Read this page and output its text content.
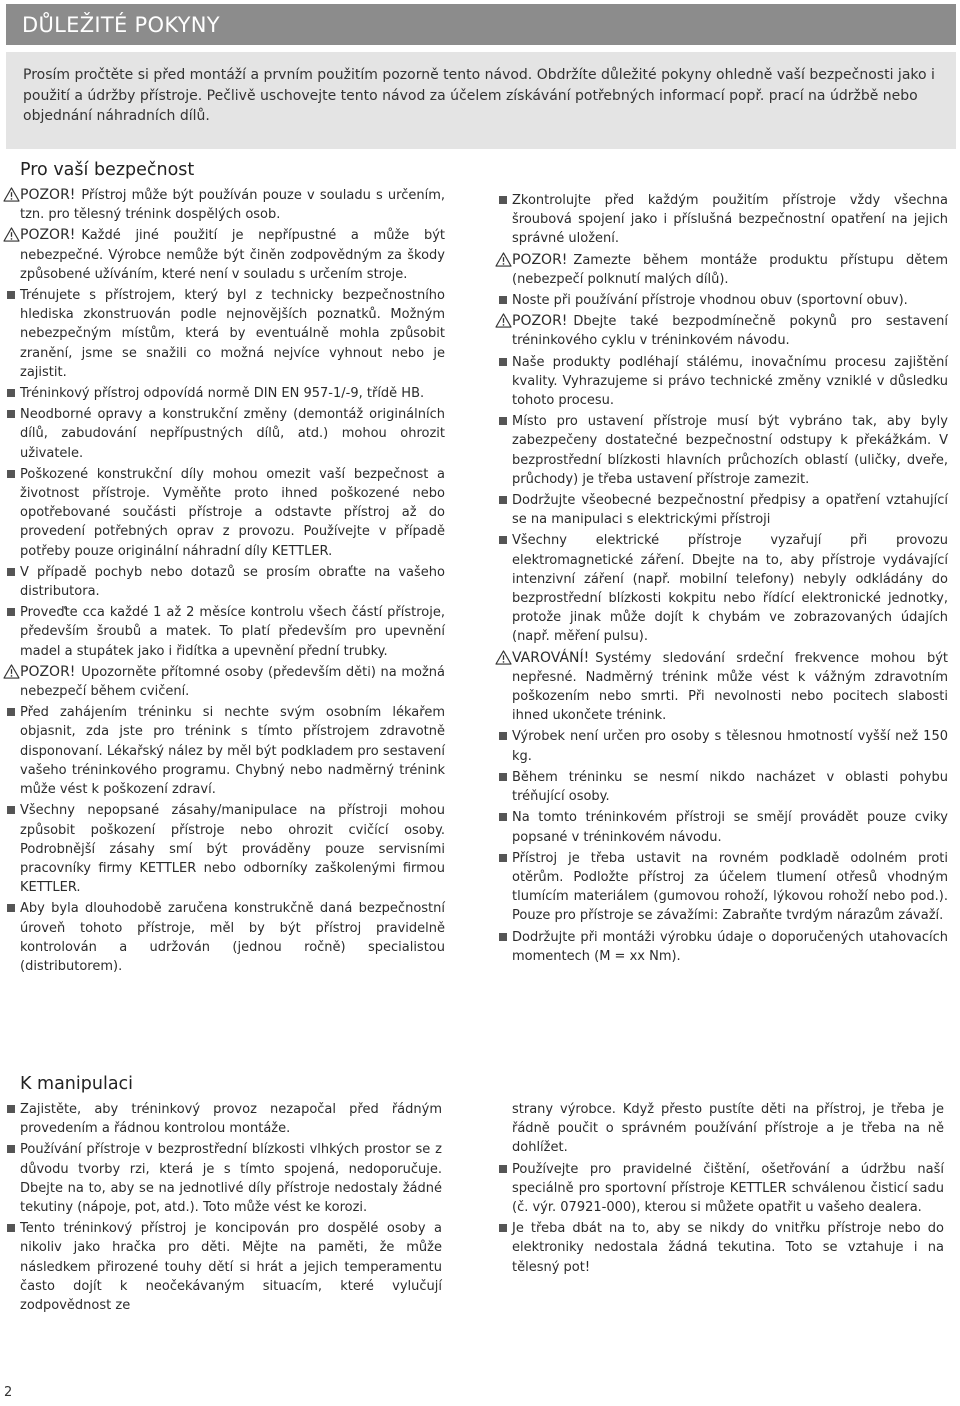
DŮLEŽITÉ POKYNY

Prosím pročtěte si před montáží a prvním použitím pozorně tento návod. Obdržíte důležité pokyny ohledně vaší bezpečnosti jako i použití a údržby přístroje. Pečlivě uschovejte tento návod za účelem získávání potřebných informací popř. prací na údržbě nebo objednání náhradních dílů.

Pro vaší bezpečnost
POZOR! Přístroj může být používán pouze v souladu s určením, tzn. pro tělesný trénink dospělých osob.
POZOR! Každé jiné použití je nepřípustné a může být nebezpečné. Výrobce nemůže být činěn zodpovědným za škody způsobené užíváním, které není v souladu s určením stroje.
Trénujete s přístrojem, který byl z technicky bezpečnostního hlediska zkonstruován podle nejnovějších poznatků. Možným nebezpečným místům, která by eventuálně mohla způsobit zranění, jsme se snažili co možná nejvíce vyhnout nebo je zajistit.
Tréninkový přístroj odpovídá normě DIN EN 957-1/-9, třídě HB.
Neodborné opravy a konstrukční změny (demontáž originálních dílů, zabudování nepřípustných dílů, atd.) mohou ohrozit uživatele.
Poškozené konstrukční díly mohou omezit vaší bezpečnost a životnost přístroje. Vyměňte proto ihned poškozené nebo opotřebované součásti přístroje a odstavte přístroj až do provedení potřebných oprav z provozu. Používejte v případě potřeby pouze originální náhradní díly KETTLER.
V případě pochyb nebo dotazů se prosím obraťte na vašeho distributora.
Proveďte cca každé 1 až 2 měsíce kontrolu všech částí přístroje, především šroubů a matek. To platí především pro upevnění madel a stupátek jako i řidítka a upevnění přední trubky.
POZOR! Upozorněte přítomné osoby (především děti) na možná nebezpečí během cvičení.
Před zahájením tréninku si nechte svým osobním lékařem objasnit, zda jste pro trénink s tímto přístrojem zdravotně disponovaní. Lékařský nález by měl být podkladem pro sestavení vašeho tréninkového programu. Chybný nebo nadměrný trénink může vést k poškození zdraví.
Všechny nepopsané zásahy/manipulace na přístroji mohou způsobit poškození přístroje nebo ohrozit cvičící osoby. Podrobnější zásahy smí být prováděny pouze servisními pracovníky firmy KETTLER nebo odborníky zaškolenými firmou KETTLER.
Aby byla dlouhodobě zaručena konstrukčně daná bezpečnostní úroveň tohoto přístroje, měl by být přístroj pravidelně kontrolován a udržován (jednou ročně) specialistou (distributorem).
Zkontrolujte před každým použitím přístroje vždy všechna šroubová spojení jako i příslušná bezpečnostní opatření na jejich správné uložení.
POZOR! Zamezte během montáže produktu přístupu dětem (nebezpečí polknutí malých dílů).
Noste při používání přístroje vhodnou obuv (sportovní obuv).
POZOR! Dbejte také bezpodmínečně pokynů pro sestavení tréninkového cyklu v tréninkovém návodu.
Naše produkty podléhají stálému, inovačnímu procesu zajištění kvality. Vyhrazujeme si právo technické změny vzniklé v důsledku tohoto procesu.
Místo pro ustavení přístroje musí být vybráno tak, aby byly zabezpečeny dostatečné bezpečnostní odstupy k překážkám. V bezprostřední blízkosti hlavních průchozích oblastí (uličky, dveře, průchody) je třeba ustavení přístroje zamezit.
Dodržujte všeobecné bezpečnostní předpisy a opatření vztahující se na manipulaci s elektrickými přístroji
Všechny elektrické přístroje vyzařují při provozu elektromagnetické záření. Dbejte na to, aby přístroje vydávající intenzivní záření (např. mobilní telefony) nebyly odkládány do bezprostřední blízkosti kokpitu nebo řídící elektronické jednotky, protože jinak může dojít k chybám ve zobrazovaných údajích (např. měření pulsu).
VAROVÁNÍ! Systémy sledování srdeční frekvence mohou být nepřesné. Nadměrný trénink může vést k vážným zdravotním poškozením nebo smrti. Při nevolnosti nebo pocitech slabosti ihned ukončete trénink.
Výrobek není určen pro osoby s tělesnou hmotností vyšší než 150 kg.
Během tréninku se nesmí nikdo nacházet v oblasti pohybu tréňující osoby.
Na tomto tréninkovém přístroji se smějí provádět pouze cviky popsané v tréninkovém návodu.
Přístroj je třeba ustavit na rovném podkladě odolném proti otěrům. Podložte přístroj za účelem tlumení otřesů vhodným tlumícím materiálem (gumovou rohoží, lýkovou rohoží nebo pod.). Pouze pro přístroje se závažími: Zabraňte tvrdým nárazům závaží.
Dodržujte při montáži výrobku údaje o doporučených utahovacích momentech (M = xx Nm).
K manipulaci
Zajistěte, aby tréninkový provoz nezapočal před řádným provedením a řádnou kontrolou montáže.
Používání přístroje v bezprostřední blízkosti vlhkých prostor se z důvodu tvorby rzi, která je s tímto spojená, nedoporučuje. Dbejte na to, aby se na jednotlivé díly přístroje nedostaly žádné tekutiny (nápoje, pot, atd.). Toto může vést ke korozi.
Tento tréninkový přístroj je koncipován pro dospělé osoby a nikoliv jako hračka pro děti. Mějte na paměti, že může následkem přirozené touhy dětí si hrát a jejich temperamentu často dojít k neočekávaným situacím, které vylučují zodpovědnost ze
strany výrobce. Když přesto pustíte děti na přístroj, je třeba je řádně poučit o správném používání přístroje a je třeba na ně dohlížet.
Používejte pro pravidelné čištění, ošetřování a údržbu naší speciálně pro sportovní přístroje KETTLER schválenou čisticí sadu (č. výr. 07921-000), kterou si můžete opatřit u vašeho dealera.
Je třeba dbát na to, aby se nikdy do vnitřku přístroje nebo do elektroniky nedostala žádná tekutina. Toto se vztahuje i na tělesný pot!
2
